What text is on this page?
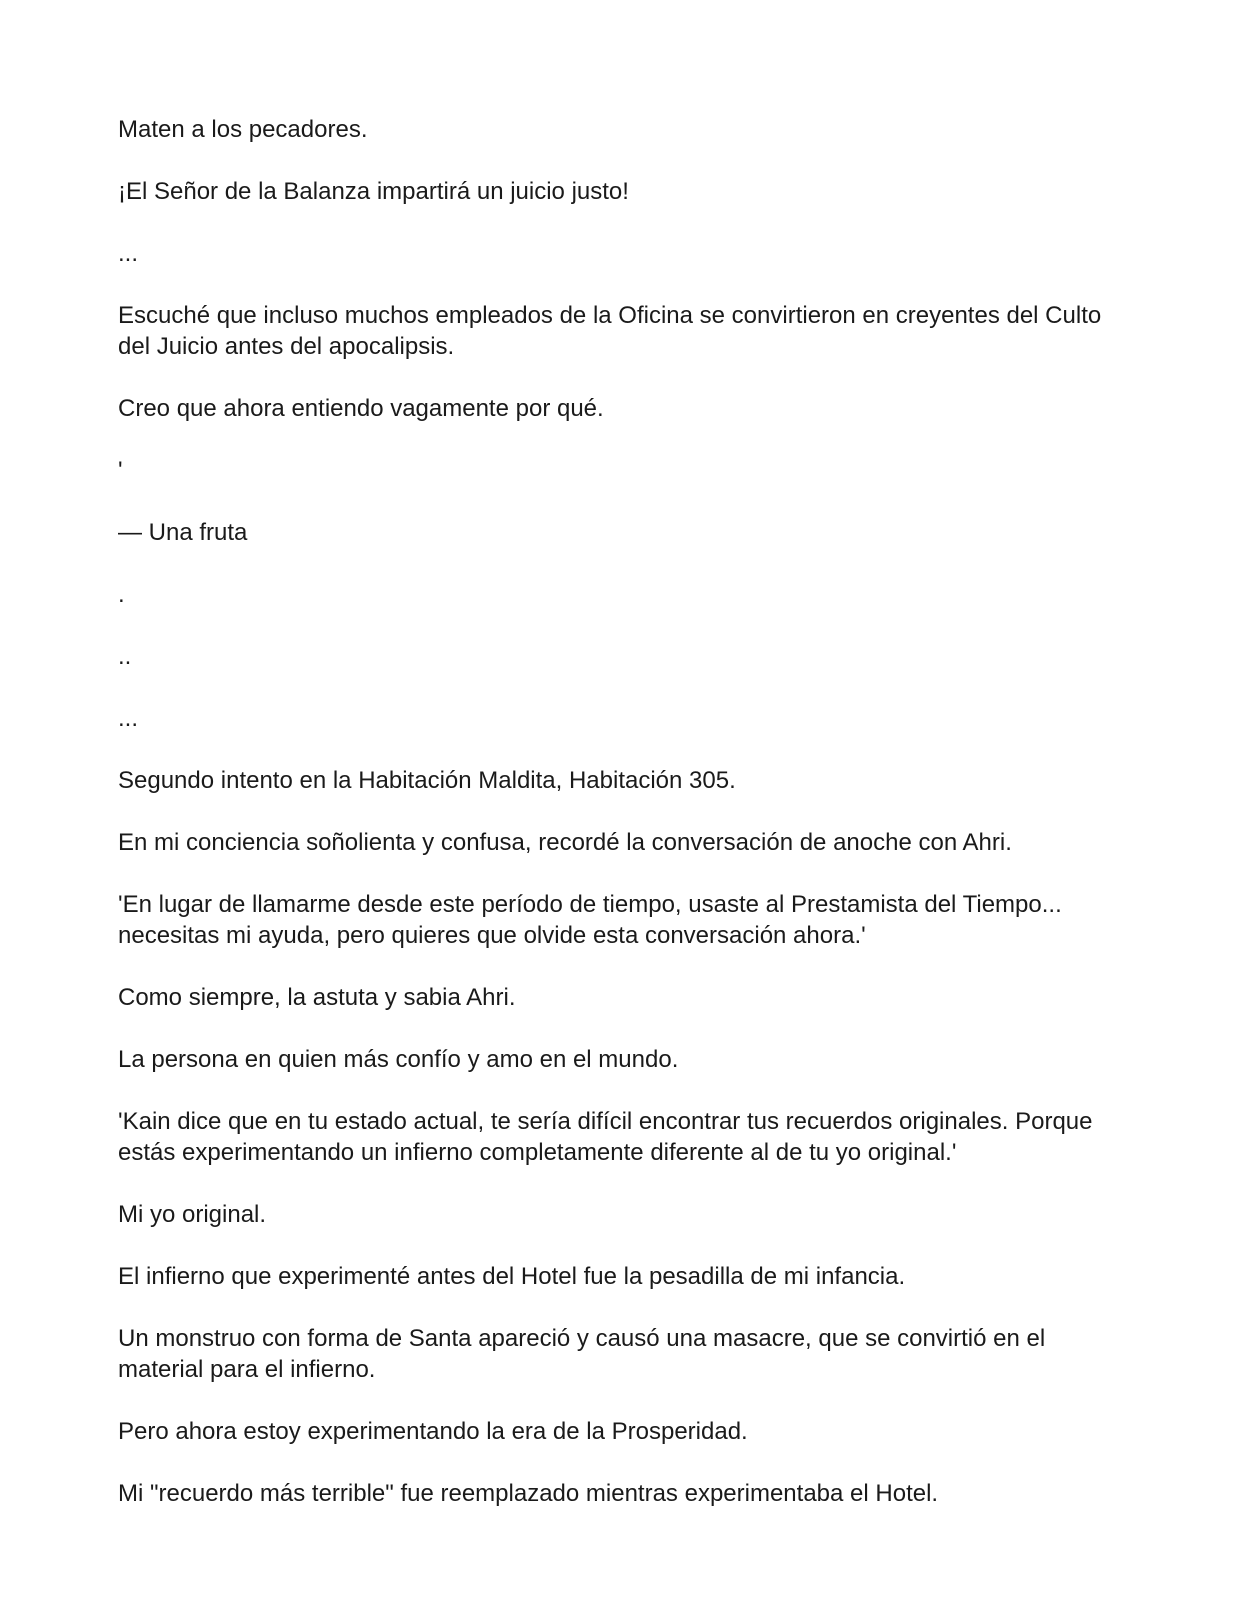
Maten a los pecadores.

¡El Señor de la Balanza impartirá un juicio justo!

...

Escuché que incluso muchos empleados de la Oficina se convirtieron en creyentes del Culto del Juicio antes del apocalipsis.

Creo que ahora entiendo vagamente por qué.

'

— Una fruta

.

..

...

Segundo intento en la Habitación Maldita, Habitación 305.

En mi conciencia soñolienta y confusa, recordé la conversación de anoche con Ahri.

'En lugar de llamarme desde este período de tiempo, usaste al Prestamista del Tiempo... necesitas mi ayuda, pero quieres que olvide esta conversación ahora.'

Como siempre, la astuta y sabia Ahri.

La persona en quien más confío y amo en el mundo.

'Kain dice que en tu estado actual, te sería difícil encontrar tus recuerdos originales. Porque estás experimentando un infierno completamente diferente al de tu yo original.'

Mi yo original.

El infierno que experimenté antes del Hotel fue la pesadilla de mi infancia.

Un monstruo con forma de Santa apareció y causó una masacre, que se convirtió en el material para el infierno.

Pero ahora estoy experimentando la era de la Prosperidad.

Mi "recuerdo más terrible" fue reemplazado mientras experimentaba el Hotel.
